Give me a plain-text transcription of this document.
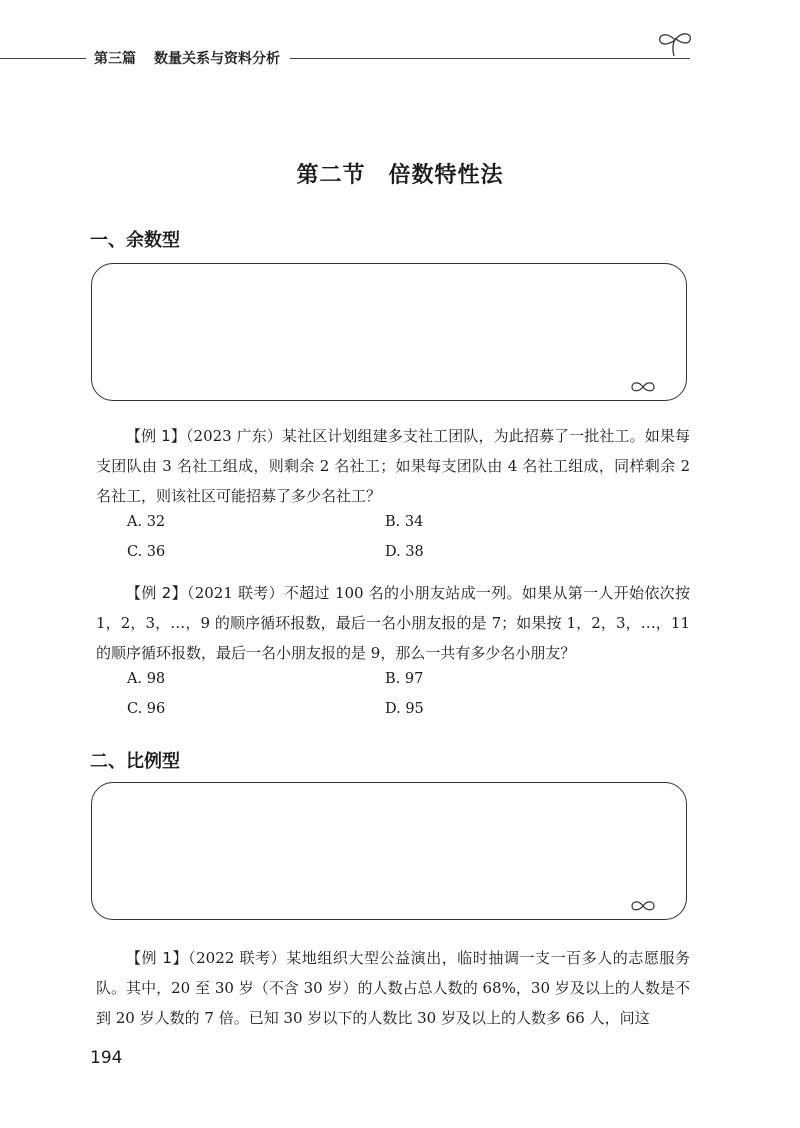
第三篇 数量关系与资料分析
第二节　倍数特性法
一、余数型
【例 1】（2023 广东）某社区计划组建多支社工团队，为此招募了一批社工。如果每支团队由 3 名社工组成，则剩余 2 名社工；如果每支团队由 4 名社工组成，同样剩余 2 名社工，则该社区可能招募了多少名社工？
A. 32	B. 34
C. 36	D. 38
【例 2】（2021 联考）不超过 100 名的小朋友站成一列。如果从第一人开始依次按 1，2，3，…，9 的顺序循环报数，最后一名小朋友报的是 7；如果按 1，2，3，…，11 的顺序循环报数，最后一名小朋友报的是 9，那么一共有多少名小朋友？
A. 98	B. 97
C. 96	D. 95
二、比例型
【例 1】（2022 联考）某地组织大型公益演出，临时抽调一支一百多人的志愿服务队。其中，20 至 30 岁（不含 30 岁）的人数占总人数的 68%，30 岁及以上的人数是不到 20 岁人数的 7 倍。已知 30 岁以下的人数比 30 岁及以上的人数多 66 人，问这
194
